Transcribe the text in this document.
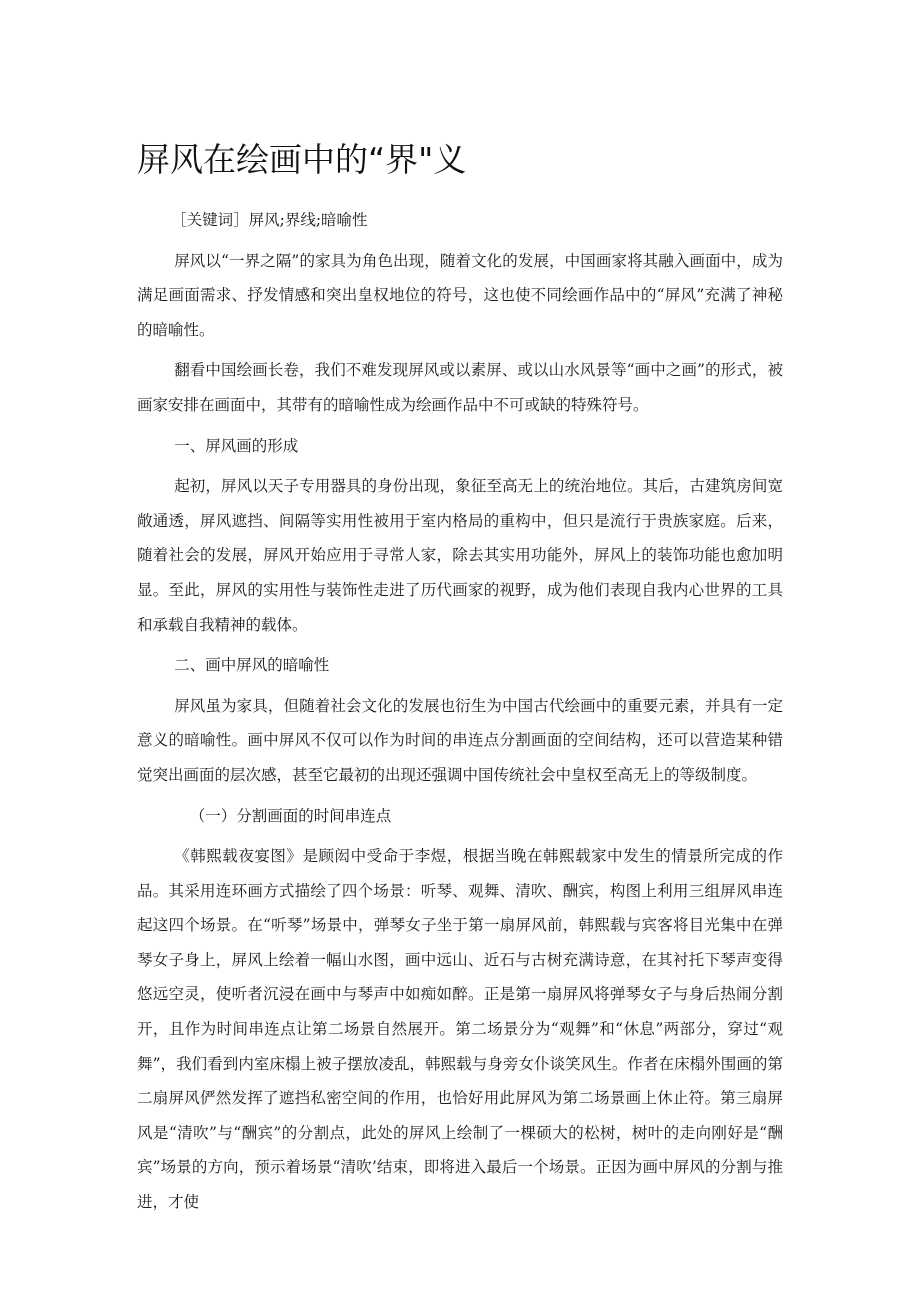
屏风在绘画中的“界"义

［关键词］屏风;界线;暗喻性

屏风以“一界之隔”的家具为角色出现，随着文化的发展，中国画家将其融入画面中，成为满足画面需求、抒发情感和突出皇权地位的符号，这也使不同绘画作品中的“屏风”充满了神秘的暗喻性。

翻看中国绘画长卷，我们不难发现屏风或以素屏、或以山水风景等“画中之画”的形式，被画家安排在画面中，其带有的暗喻性成为绘画作品中不可或缺的特殊符号。

一、屏风画的形成

起初，屏风以天子专用器具的身份出现，象征至高无上的统治地位。其后，古建筑房间宽敞通透，屏风遮挡、间隔等实用性被用于室内格局的重构中，但只是流行于贵族家庭。后来，随着社会的发展，屏风开始应用于寻常人家，除去其实用功能外，屏风上的装饰功能也愈加明显。至此，屏风的实用性与装饰性走进了历代画家的视野，成为他们表现自我内心世界的工具和承载自我精神的载体。

二、画中屏风的暗喻性

屏风虽为家具，但随着社会文化的发展也衍生为中国古代绘画中的重要元素，并具有一定意义的暗喻性。画中屏风不仅可以作为时间的串连点分割画面的空间结构，还可以营造某种错觉突出画面的层次感，甚至它最初的出现还强调中国传统社会中皇权至高无上的等级制度。

（一）分割画面的时间串连点

《韩熙载夜宴图》是顾闳中受命于李煜，根据当晚在韩熙载家中发生的情景所完成的作品。其采用连环画方式描绘了四个场景：听琴、观舞、清吹、酬宾，构图上利用三组屏风串连起这四个场景。在“听琴”场景中，弹琴女子坐于第一扇屏风前，韩熙载与宾客将目光集中在弹琴女子身上，屏风上绘着一幅山水图，画中远山、近石与古树充满诗意，在其衬托下琴声变得悠远空灵，使听者沉浸在画中与琴声中如痴如醉。正是第一扇屏风将弹琴女子与身后热闹分割开，且作为时间串连点让第二场景自然展开。第二场景分为“观舞”和“休息”两部分，穿过“观舞”，我们看到内室床榻上被子摆放凌乱，韩熙载与身旁女仆谈笑风生。作者在床榻外围画的第二扇屏风俨然发挥了遮挡私密空间的作用，也恰好用此屏风为第二场景画上休止符。第三扇屏风是“清吹”与“酬宾”的分割点，此处的屏风上绘制了一棵硕大的松树，树叶的走向刚好是“酬宾”场景的方向，预示着场景“清吹’结束，即将进入最后一个场景。正因为画中屏风的分割与推进，才使
